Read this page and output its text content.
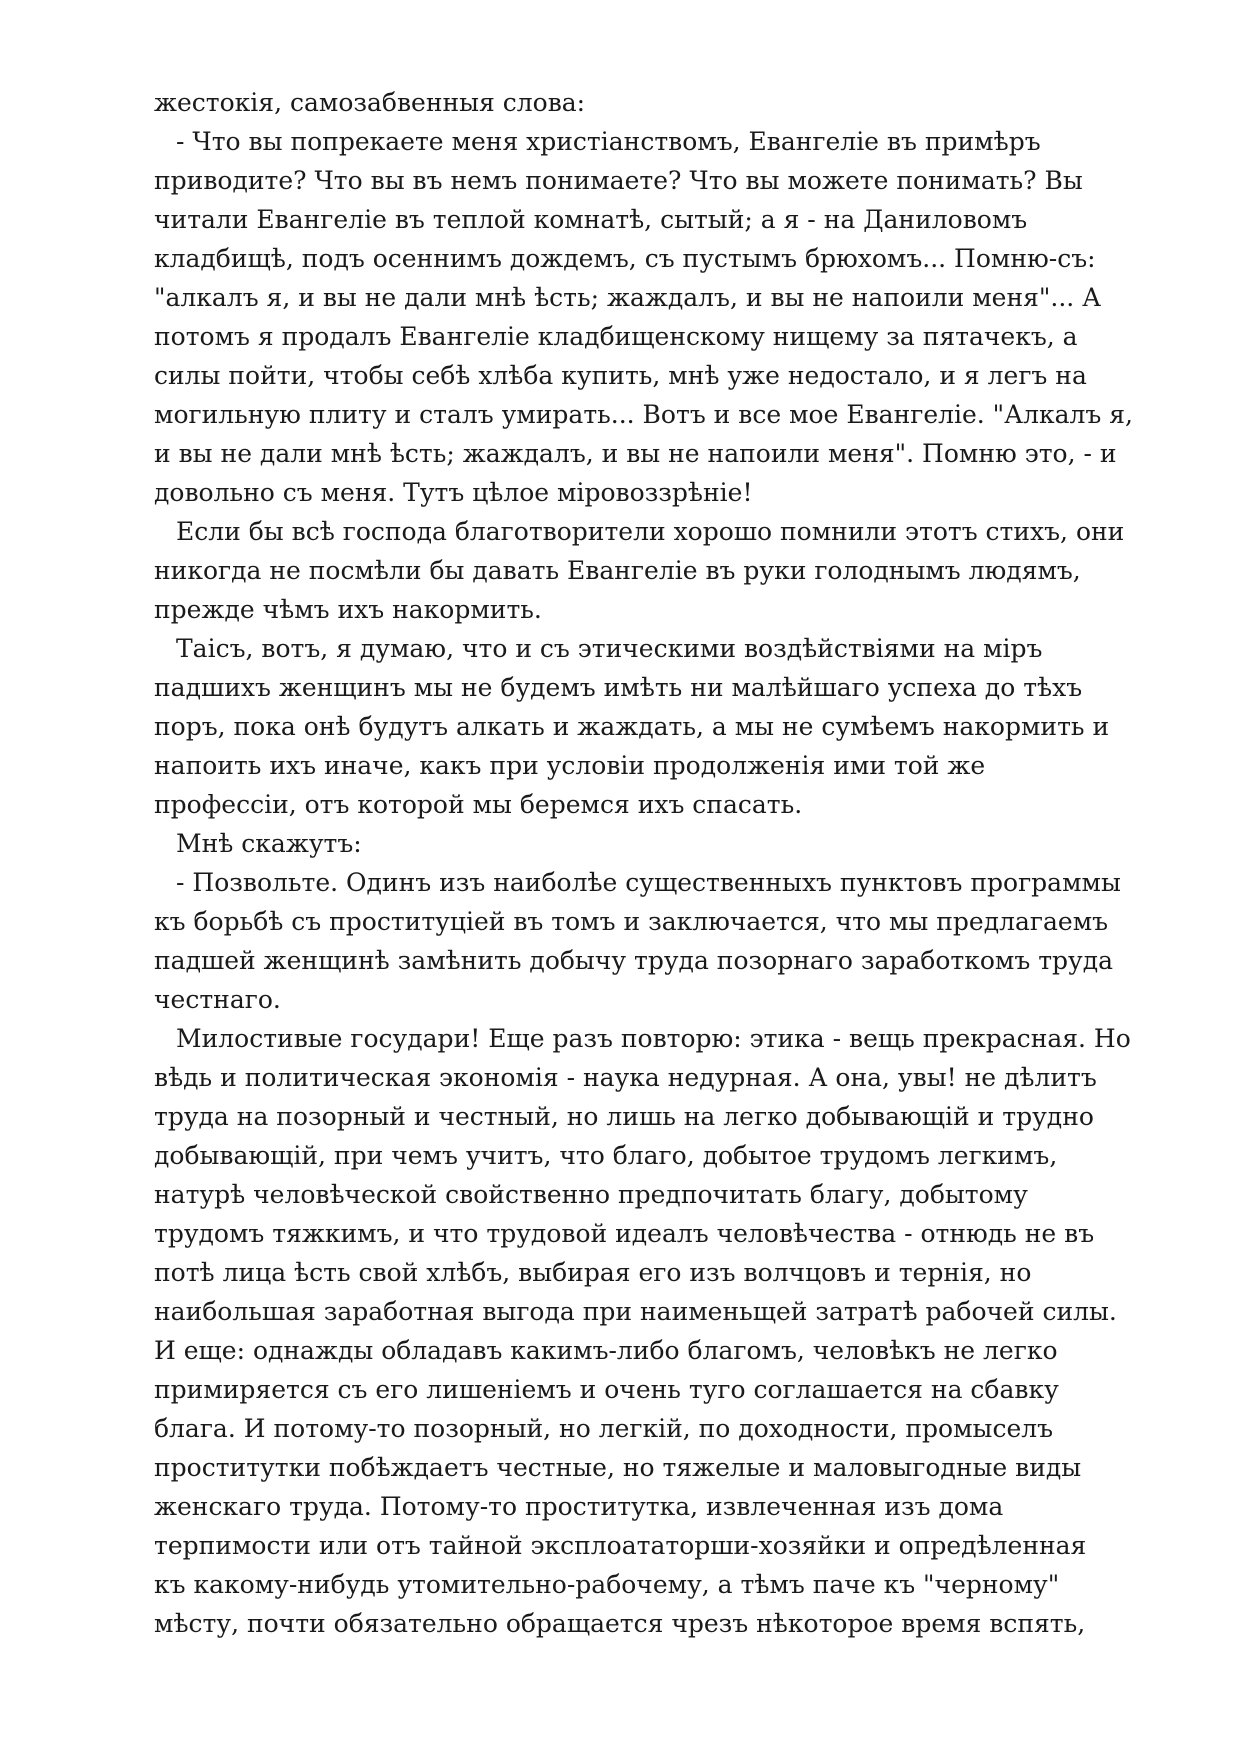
жестокія, самозабвенныя слова:
- Что вы попрекаете меня христіанствомъ, Евангеліе въ примѣръ
приводите? Что вы въ немъ понимаете? Что вы можете понимать? Вы
читали Евангеліе въ теплой комнатѣ, сытый; а я - на Даниловомъ
кладбищѣ, подъ осеннимъ дождемъ, съ пустымъ брюхомъ... Помню-съ:
"алкалъ я, и вы не дали мнѣ ѣсть; жаждалъ, и вы не напоили меня"... А
потомъ я продалъ Евангеліе кладбищенскому нищему за пятачекъ, а
силы пойти, чтобы себѣ хлѣба купить, мнѣ уже недостало, и я легъ на
могильную плиту и сталъ умирать... Вотъ и все мое Евангеліе. "Алкалъ я,
и вы не дали мнѣ ѣсть; жаждалъ, и вы не напоили меня". Помню это, - и
довольно съ меня. Тутъ цѣлое міровоззрѣніе!
Если бы всѣ господа благотворители хорошо помнили этотъ стихъ, они
никогда не посмѣли бы давать Евангеліе въ руки голоднымъ людямъ,
прежде чѣмъ ихъ накормить.
Таісъ, вотъ, я думаю, что и съ этическими воздѣйствіями на міръ
падшихъ женщинъ мы не будемъ имѣть ни малѣйшаго успеха до тѣхъ
поръ, пока онѣ будутъ алкать и жаждать, а мы не сумѣемъ накормить и
напоить ихъ иначе, какъ при условіи продолженія ими той же
профессіи, отъ которой мы беремся ихъ спасать.
Мнѣ скажутъ:
- Позвольте. Одинъ изъ наиболѣе существенныхъ пунктовъ программы
къ борьбѣ съ проституціей въ томъ и заключается, что мы предлагаемъ
падшей женщинѣ замѣнить добычу труда позорнаго заработкомъ труда
честнаго.
Милостивые государи! Еще разъ повторю: этика - вещь прекрасная. Но
вѣдь и политическая экономія - наука недурная. А она, увы! не дѣлитъ
труда на позорный и честный, но лишь на легко добывающій и трудно
добывающій, при чемъ учитъ, что благо, добытое трудомъ легкимъ,
натурѣ человѣческой свойственно предпочитать благу, добытому
трудомъ тяжкимъ, и что трудовой идеалъ человѣчества - отнюдь не въ
потѣ лица ѣсть свой хлѣбъ, выбирая его изъ волчцовъ и тернія, но
наибольшая заработная выгода при наименьщей затратѣ рабочей силы.
И еще: однажды обладавъ какимъ-либо благомъ, человѣкъ не легко
примиряется съ его лишеніемъ и очень туго соглашается на сбавку
блага. И потому-то позорный, но легкій, по доходности, промыселъ
проститутки побѣждаетъ честные, но тяжелые и маловыгодные виды
женскаго труда. Потому-то проститутка, извлеченная изъ дома
терпимости или отъ тайной эксплоататорши-хозяйки и опредѣленная
къ какому-нибудь утомительно-рабочему, а тѣмъ паче къ "черному"
мѣсту, почти обязательно обращается чрезъ нѣкоторое время вспять,
